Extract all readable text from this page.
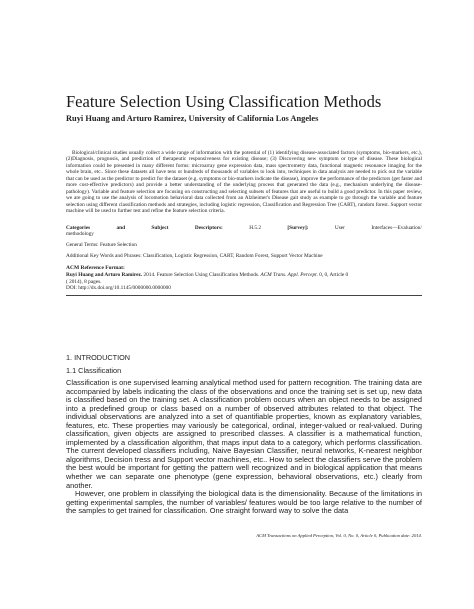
Feature Selection Using Classification Methods
Ruyi Huang and Arturo Ramirez, University of California Los Angeles

Biological/clinical studies usually collect a wide range of information with the potential of (1) identifying disease-associated factors (symptoms, bio-markers, etc.), (2)Diagnosis, prognosis, and prediction of therapeutic responsiveness for existing disease; (3) Discovering new symptom or type of disease. These biological information could be presented in many different forms: microarray gene expression data, mass spectrometry data, functional magnetic resonance imaging for the whole brain, etc.. Since these datasets all have tens or hundreds of thousands of variables to look into, techniques in data analysis are needed to pick out the variable that can be used as the predictor to predict for the dataset (e.g. symptoms or bio-markers indicate the disease), improve the performance of the predictors (get faster and more cost-effective predictors) and provide a better understanding of the underlying process that generated the data (e.g., mechanism underlying the disease-pathology). Variable and feature selection are focusing on constructing and selecting subsets of features that are useful to build a good predictor. In this paper review, we are going to use the analysis of locomotion behavioral data collected from an Alzheimer's Disease gait study as example to go through the variable and feature selection using different classification methods and strategies, including logistic regression, Classification and Regression Tree (CART), random forest. Support vector machine will be used to further test and refine the feature selection criteria.

Categories	and	Subject	Descriptors:	H.5.2	[Survey]:	User	Interfaces—Evaluation/
methodology
General Terms: Feature Selection
Additional Key Words and Phrases: Classification, Logistic Regression, CART, Random Forest, Support Vector Machine
ACM Reference Format:
Ruyi Huang and Arturo Ramirez. 2014. Feature Selection Using Classification Methods. ACM Trans. Appl. Percept. 0, 0, Article 0
( 2014), 8 pages.
DOI: http://dx.doi.org/10.1145/0000000.0000000
1. INTRODUCTION
1.1 Classification

Classification is one supervised learning analytical method used for pattern recognition. The training data are accompanied by labels indicating the class of the observations and once the training set is set up, new data is classified based on the training set. A classification problem occurs when an object needs to be assigned into a predefined group or class based on a number of observed attributes related to that object. The individual observations are analyzed into a set of quantifiable properties, known as explanatory variables, features, etc. These properties may variously be categorical, ordinal, integer-valued or real-valued. During classification, given objects are assigned to prescribed classes. A classifier is a mathematical function, implemented by a classification algorithm, that maps input data to a category, which performs classification. The current developed classifiers including, Naive Bayesian Classifier, neural networks, K-nearest neighbor algorithms, Decision tress and Support vector machines, etc.. How to select the classifiers serve the problem the best would be important for getting the pattern well recognized and in biological application that means whether we can separate one phenotype (gene expression, behavioral observations, etc.) clearly from another.

However, one problem in classifying the biological data is the dimensionality. Because of the limitations in getting experimental samples, the number of variables/ features would be too large relative to the number of the samples to get trained for classification. One straight forward way to solve the data

ACM Transactions on Applied Perception, Vol. 0, No. 0, Article 0, Publication date: 2014.
